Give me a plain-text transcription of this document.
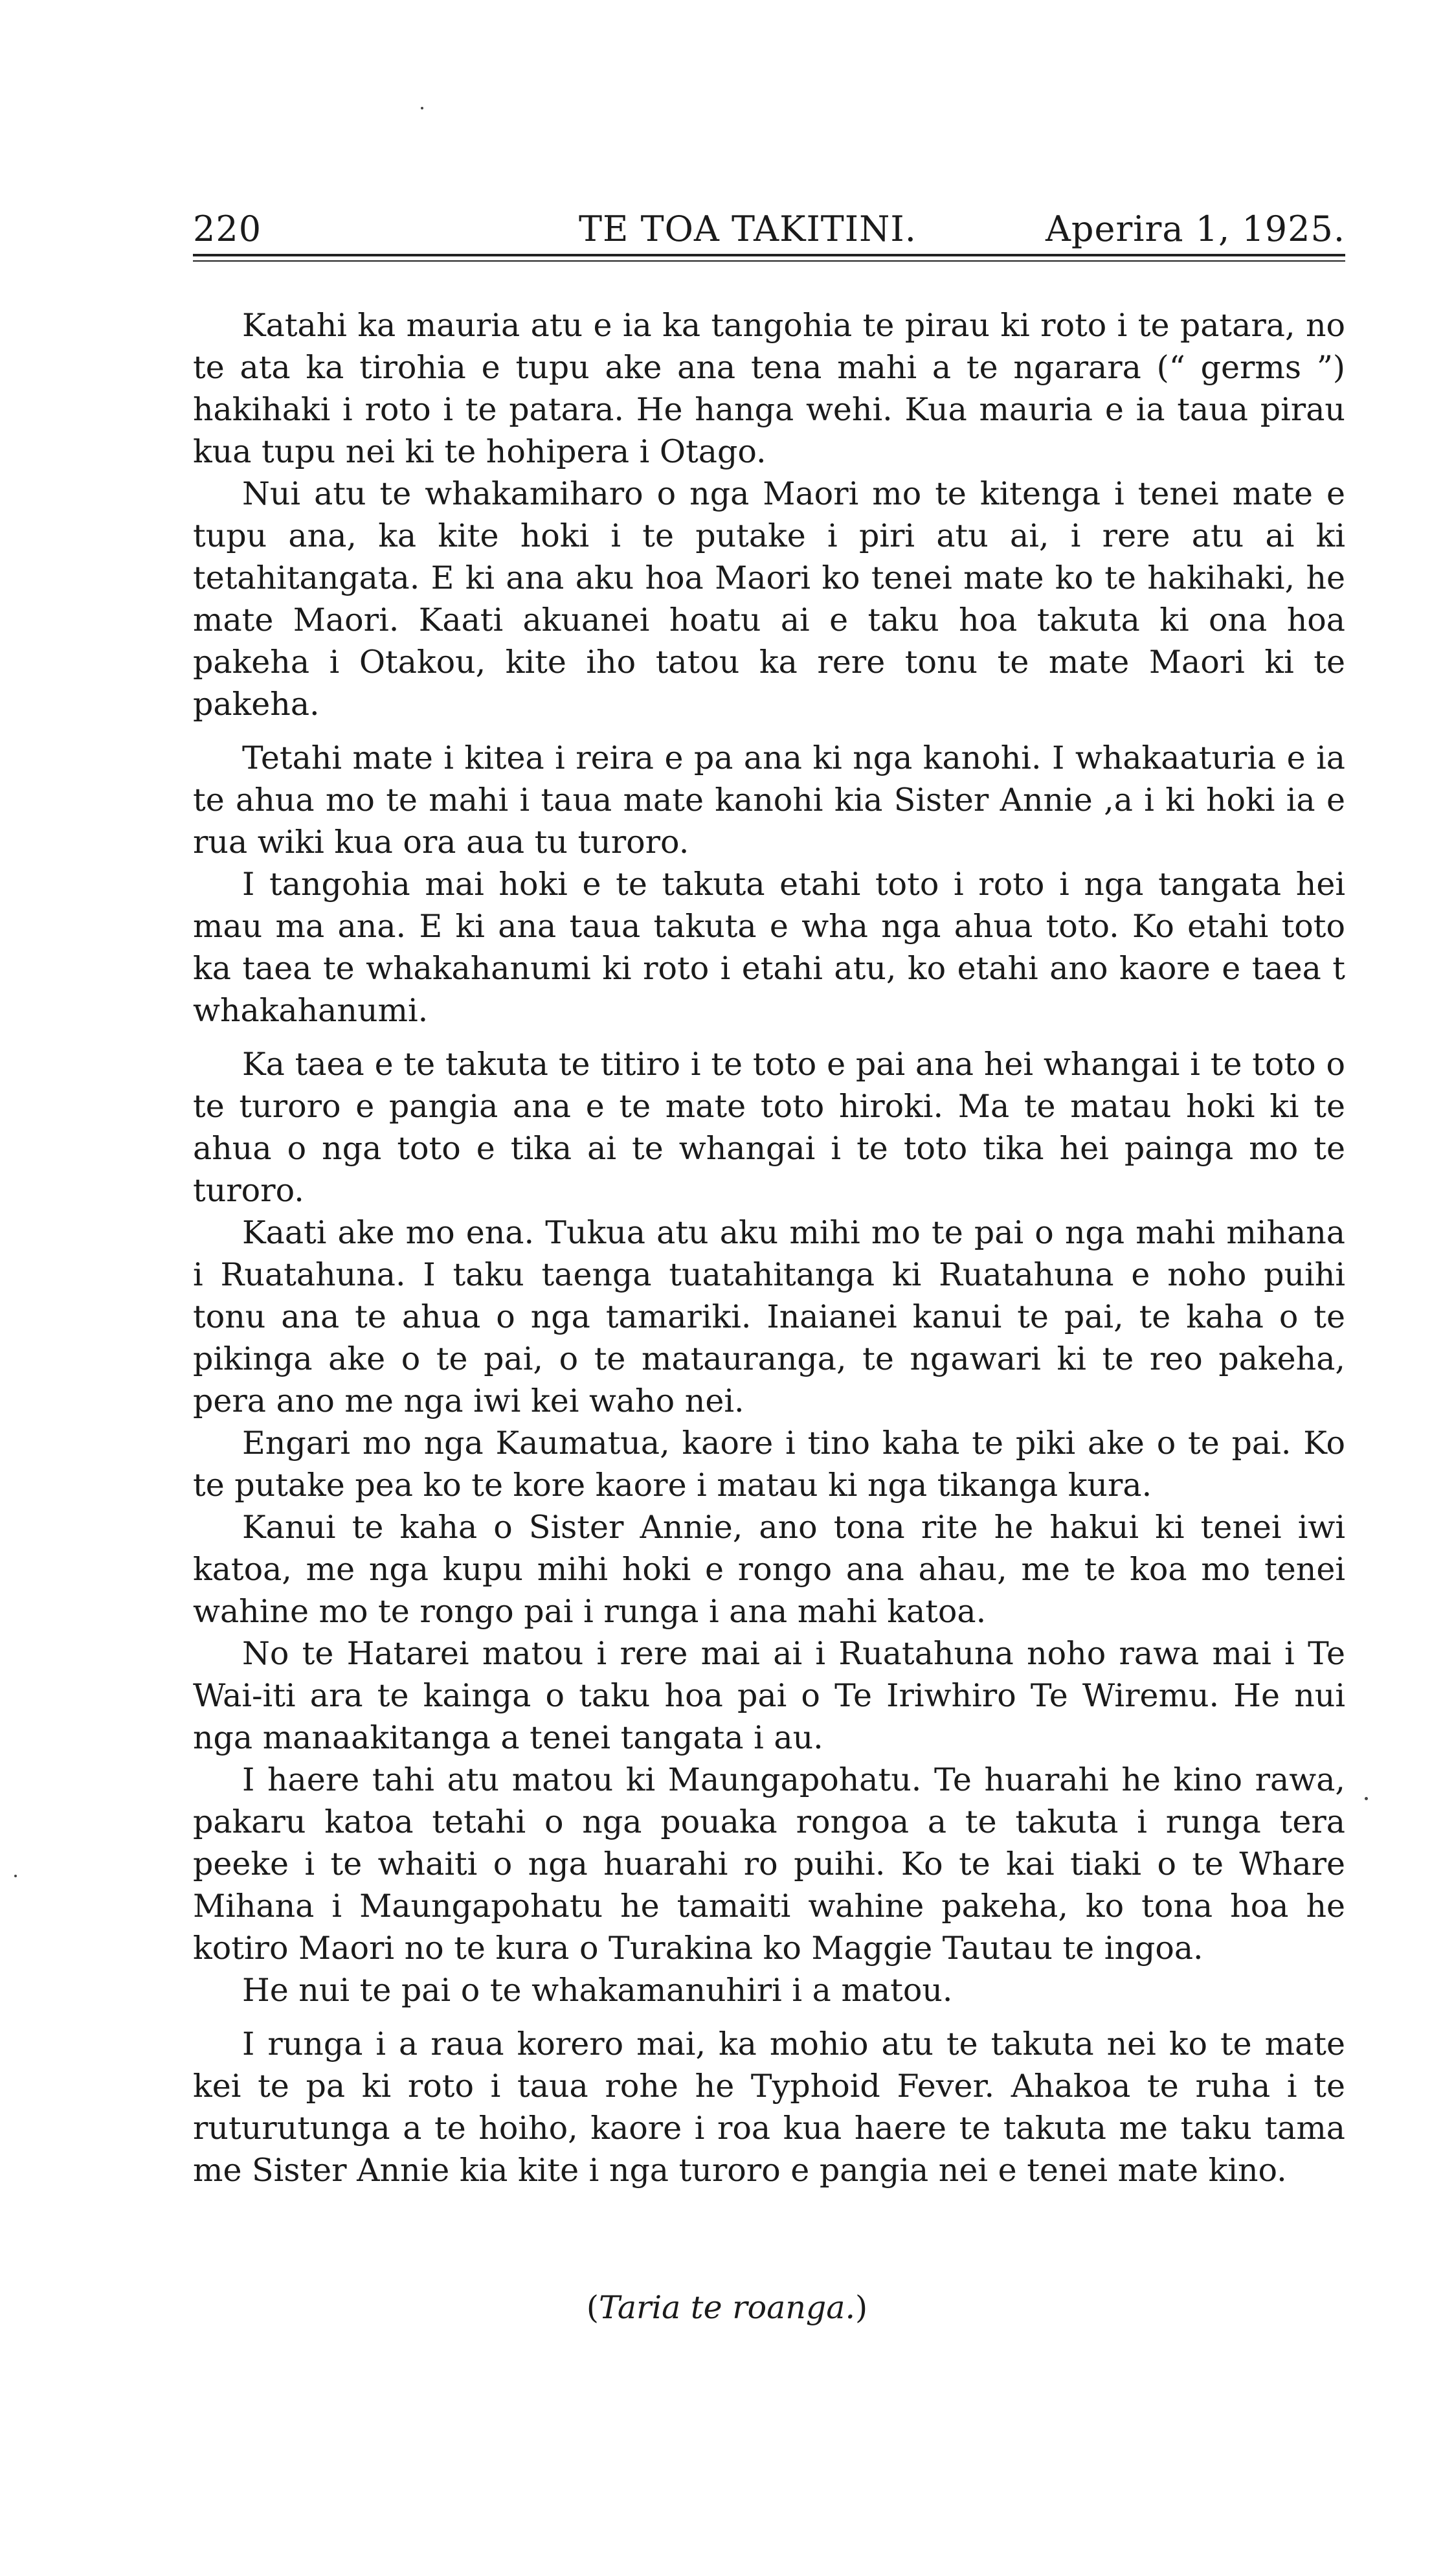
220	TE TOA TAKITINI.	Aperira 1, 1925.

Katahi ka mauria atu e ia ka tangohia te pirau ki roto i te patara, no te ata ka tirohia e tupu ake ana tena mahi a te ngarara (“ germs ”) hakihaki i roto i te patara. He hanga wehi. Kua mauria e ia taua pirau kua tupu nei ki te hohipera i Otago.

Nui atu te whakamiharo o nga Maori mo te kitenga i tenei mate e tupu ana, ka kite hoki i te putake i piri atu ai, i rere atu ai ki tetahitangata. E ki ana aku hoa Maori ko tenei mate ko te hakihaki, he mate Maori. Kaati akuanei hoatu ai e taku hoa takuta ki ona hoa pakeha i Otakou, kite iho tatou ka rere tonu te mate Maori ki te pakeha.

Tetahi mate i kitea i reira e pa ana ki nga kanohi. I whakaaturia e ia te ahua mo te mahi i taua mate kanohi kia Sister Annie ,a i ki hoki ia e rua wiki kua ora aua tu turoro.

I tangohia mai hoki e te takuta etahi toto i roto i nga tangata hei mau ma ana. E ki ana taua takuta e wha nga ahua toto. Ko etahi toto ka taea te whakahanumi ki roto i etahi atu, ko etahi ano kaore e taea t whakahanumi.

Ka taea e te takuta te titiro i te toto e pai ana hei whangai i te toto o te turoro e pangia ana e te mate toto hiroki. Ma te matau hoki ki te ahua o nga toto e tika ai te whangai i te toto tika hei painga mo te turoro.

Kaati ake mo ena. Tukua atu aku mihi mo te pai o nga mahi mihana i Ruatahuna. I taku taenga tuatahitanga ki Ruatahuna e noho puihi tonu ana te ahua o nga tamariki. Inaianei kanui te pai, te kaha o te pikinga ake o te pai, o te matauranga, te ngawari ki te reo pakeha, pera ano me nga iwi kei waho nei.

Engari mo nga Kaumatua, kaore i tino kaha te piki ake o te pai. Ko te putake pea ko te kore kaore i matau ki nga tikanga kura.

Kanui te kaha o Sister Annie, ano tona rite he hakui ki tenei iwi katoa, me nga kupu mihi hoki e rongo ana ahau, me te koa mo tenei wahine mo te rongo pai i runga i ana mahi katoa.

No te Hatarei matou i rere mai ai i Ruatahuna noho rawa mai i Te Wai-iti ara te kainga o taku hoa pai o Te Iriwhiro Te Wiremu. He nui nga manaakitanga a tenei tangata i au.

I haere tahi atu matou ki Maungapohatu. Te huarahi he kino rawa, pakaru katoa tetahi o nga pouaka rongoa a te takuta i runga tera peeke i te whaiti o nga huarahi ro puihi. Ko te kai tiaki o te Whare Mihana i Maungapohatu he tamaiti wahine pakeha, ko tona hoa he kotiro Maori no te kura o Turakina ko Maggie Tautau te ingoa.

He nui te pai o te whakamanuhiri i a matou.

I runga i a raua korero mai, ka mohio atu te takuta nei ko te mate kei te pa ki roto i taua rohe he Typhoid Fever. Ahakoa te ruha i te ruturutunga a te hoiho, kaore i roa kua haere te takuta me taku tama me Sister Annie kia kite i nga turoro e pangia nei e tenei mate kino.

(Taria te roanga.)
